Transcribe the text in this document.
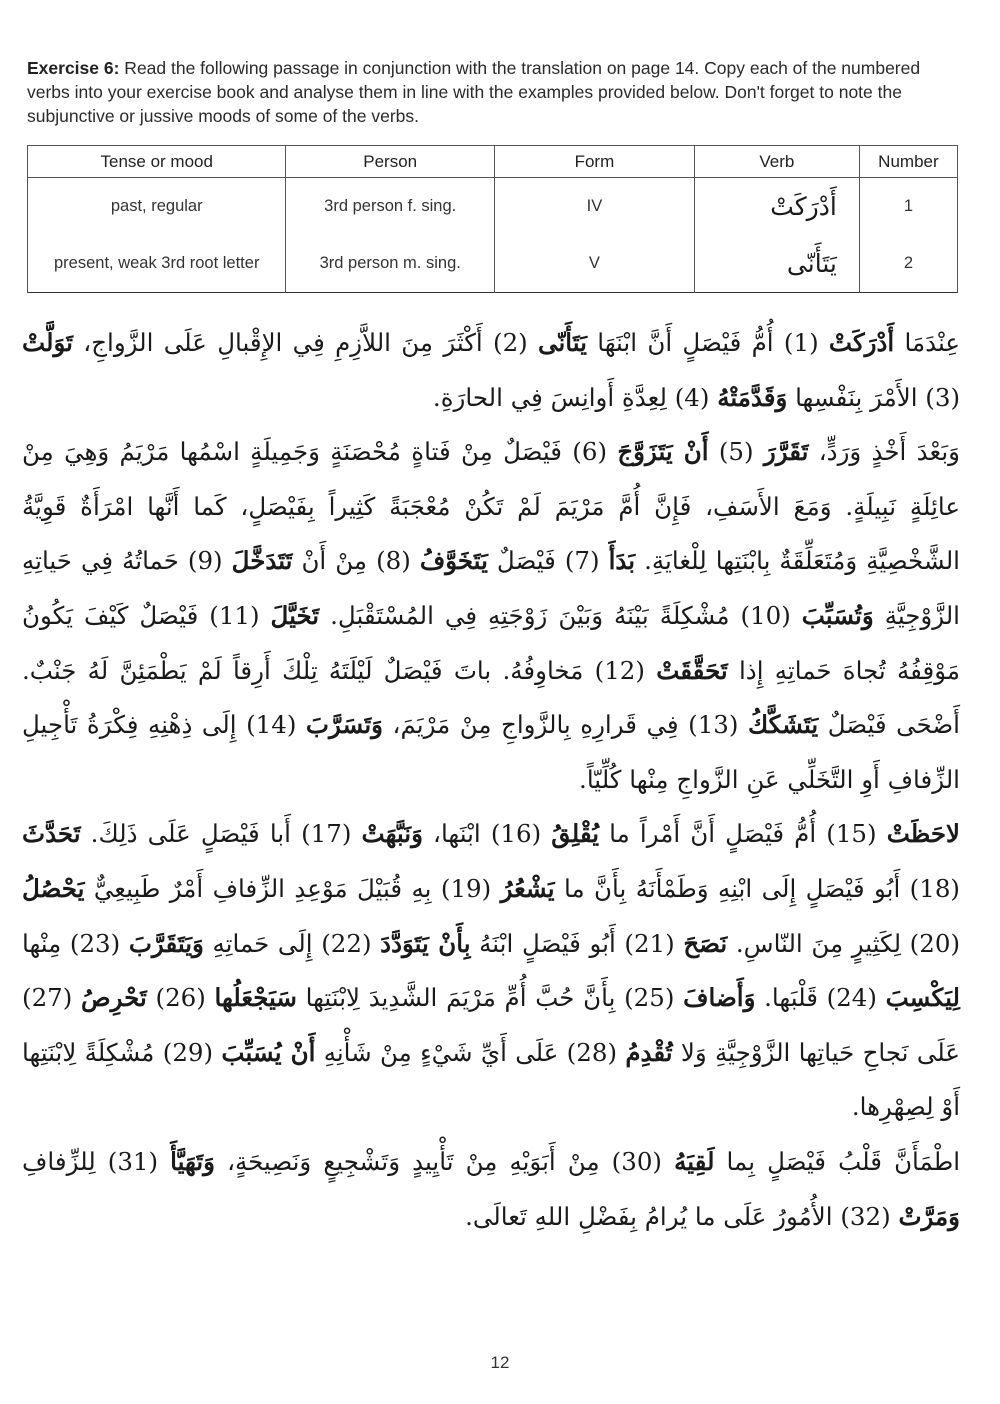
Exercise 6: Read the following passage in conjunction with the translation on page 14. Copy each of the numbered verbs into your exercise book and analyse them in line with the examples provided below. Don't forget to note the subjunctive or jussive moods of some of the verbs.
Tense or mood	Person	Form	Verb	Number
past, regular	3rd person f. sing.	IV	أَدْرَكَتْ	1
present, weak 3rd root letter	3rd person m. sing.	V	يَتَأَنّى	2

عِنْدَمَا أَدْرَكَتْ (1) أُمُّ فَيْصَلٍ أَنَّ ابْنَهَا يَتَأَنّى (2) أَكْثَرَ مِنَ اللاَّزِمِ فِي الإِقْبالِ عَلَى الزَّواجِ، تَوَلَّتْ (3) الأَمْرَ بِنَفْسِها وَقَدَّمَتْهُ (4) لِعِدَّةِ أَوانِسَ فِي الحارَةِ.

وَبَعْدَ أَخْذٍ وَرَدٍّ، تَقَرَّرَ (5) أَنْ يَتَزَوَّجَ (6) فَيْصَلٌ مِنْ فَتاةٍ مُحْصَنَةٍ وَجَمِيلَةٍ اسْمُها مَرْيَمُ وَهِيَ مِنْ عائِلَةٍ نَبِيلَةٍ. وَمَعَ الأَسَفِ، فَإِنَّ أُمَّ مَرْيَمَ لَمْ تَكُنْ مُعْجَبَةً كَثِيراً بِفَيْصَلٍ، كَما أَنَّها امْرَأَةٌ قَوِيَّةُ الشَّخْصِيَّةِ وَمُتَعَلِّقَةٌ بِابْنَتِها لِلْغايَةِ. بَدَأَ (7) فَيْصَلٌ يَتَخَوَّفُ (8) مِنْ أَنْ تَتَدَخَّلَ (9) حَماتُهُ فِي حَياتِهِ الزَّوْجِيَّةِ وَتُسَبِّبَ (10) مُشْكِلَةً بَيْنَهُ وَبَيْنَ زَوْجَتِهِ فِي المُسْتَقْبَلِ. تَخَيَّلَ (11) فَيْصَلٌ كَيْفَ يَكُونُ مَوْقِفُهُ تُجاهَ حَماتِهِ إِذا تَحَقَّقَتْ (12) مَخاوِفُهُ. باتَ فَيْصَلٌ لَيْلَتَهُ تِلْكَ أَرِقاً لَمْ يَطْمَئِنَّ لَهُ جَنْبٌ. أَضْحَى فَيْصَلٌ يَتَشَكَّكُ (13) فِي قَرارِهِ بِالزَّواجِ مِنْ مَرْيَمَ، وَتَسَرَّبَ (14) إِلَى ذِهْنِهِ فِكْرَةُ تَأْجِيلِ الزِّفافِ أَوِ التَّخَلِّي عَنِ الزَّواجِ مِنْها كُلِّيّاً.

لاحَظَتْ (15) أُمُّ فَيْصَلٍ أَنَّ أَمْراً ما يُقْلِقُ (16) ابْنَها، وَنَبَّهَتْ (17) أَبا فَيْصَلٍ عَلَى ذَلِكَ. تَحَدَّثَ (18) أَبُو فَيْصَلٍ إِلَى ابْنِهِ وَطَمْأَنَهُ بِأَنَّ ما يَشْعُرُ (19) بِهِ قُبَيْلَ مَوْعِدِ الزِّفافِ أَمْرٌ طَبِيعِيٌّ يَحْصُلُ (20) لِكَثِيرٍ مِنَ النّاسِ. نَصَحَ (21) أَبُو فَيْصَلٍ ابْنَهُ بِأَنْ يَتَوَدَّدَ (22) إِلَى حَماتِهِ وَيَتَقَرَّبَ (23) مِنْها لِيَكْسِبَ (24) قَلْبَها. وَأَضافَ (25) بِأَنَّ حُبَّ أُمِّ مَرْيَمَ الشَّدِيدَ لِابْنَتِها سَيَجْعَلُها (26) تَحْرِصُ (27) عَلَى نَجاحِ حَياتِها الزَّوْجِيَّةِ وَلا تُقْدِمُ (28) عَلَى أَيِّ شَيْءٍ مِنْ شَأْنِهِ أَنْ يُسَبِّبَ (29) مُشْكِلَةً لِابْنَتِها أَوْ لِصِهْرِها.

اطْمَأَنَّ قَلْبُ فَيْصَلٍ بِما لَقِيَهُ (30) مِنْ أَبَوَيْهِ مِنْ تَأْيِيدٍ وَتَشْجِيعٍ وَنَصِيحَةٍ، وَتَهَيَّأَ (31) لِلزِّفافِ وَمَرَّتْ (32) الأُمُورُ عَلَى ما يُرامُ بِفَضْلِ اللهِ تَعالَى.

12
